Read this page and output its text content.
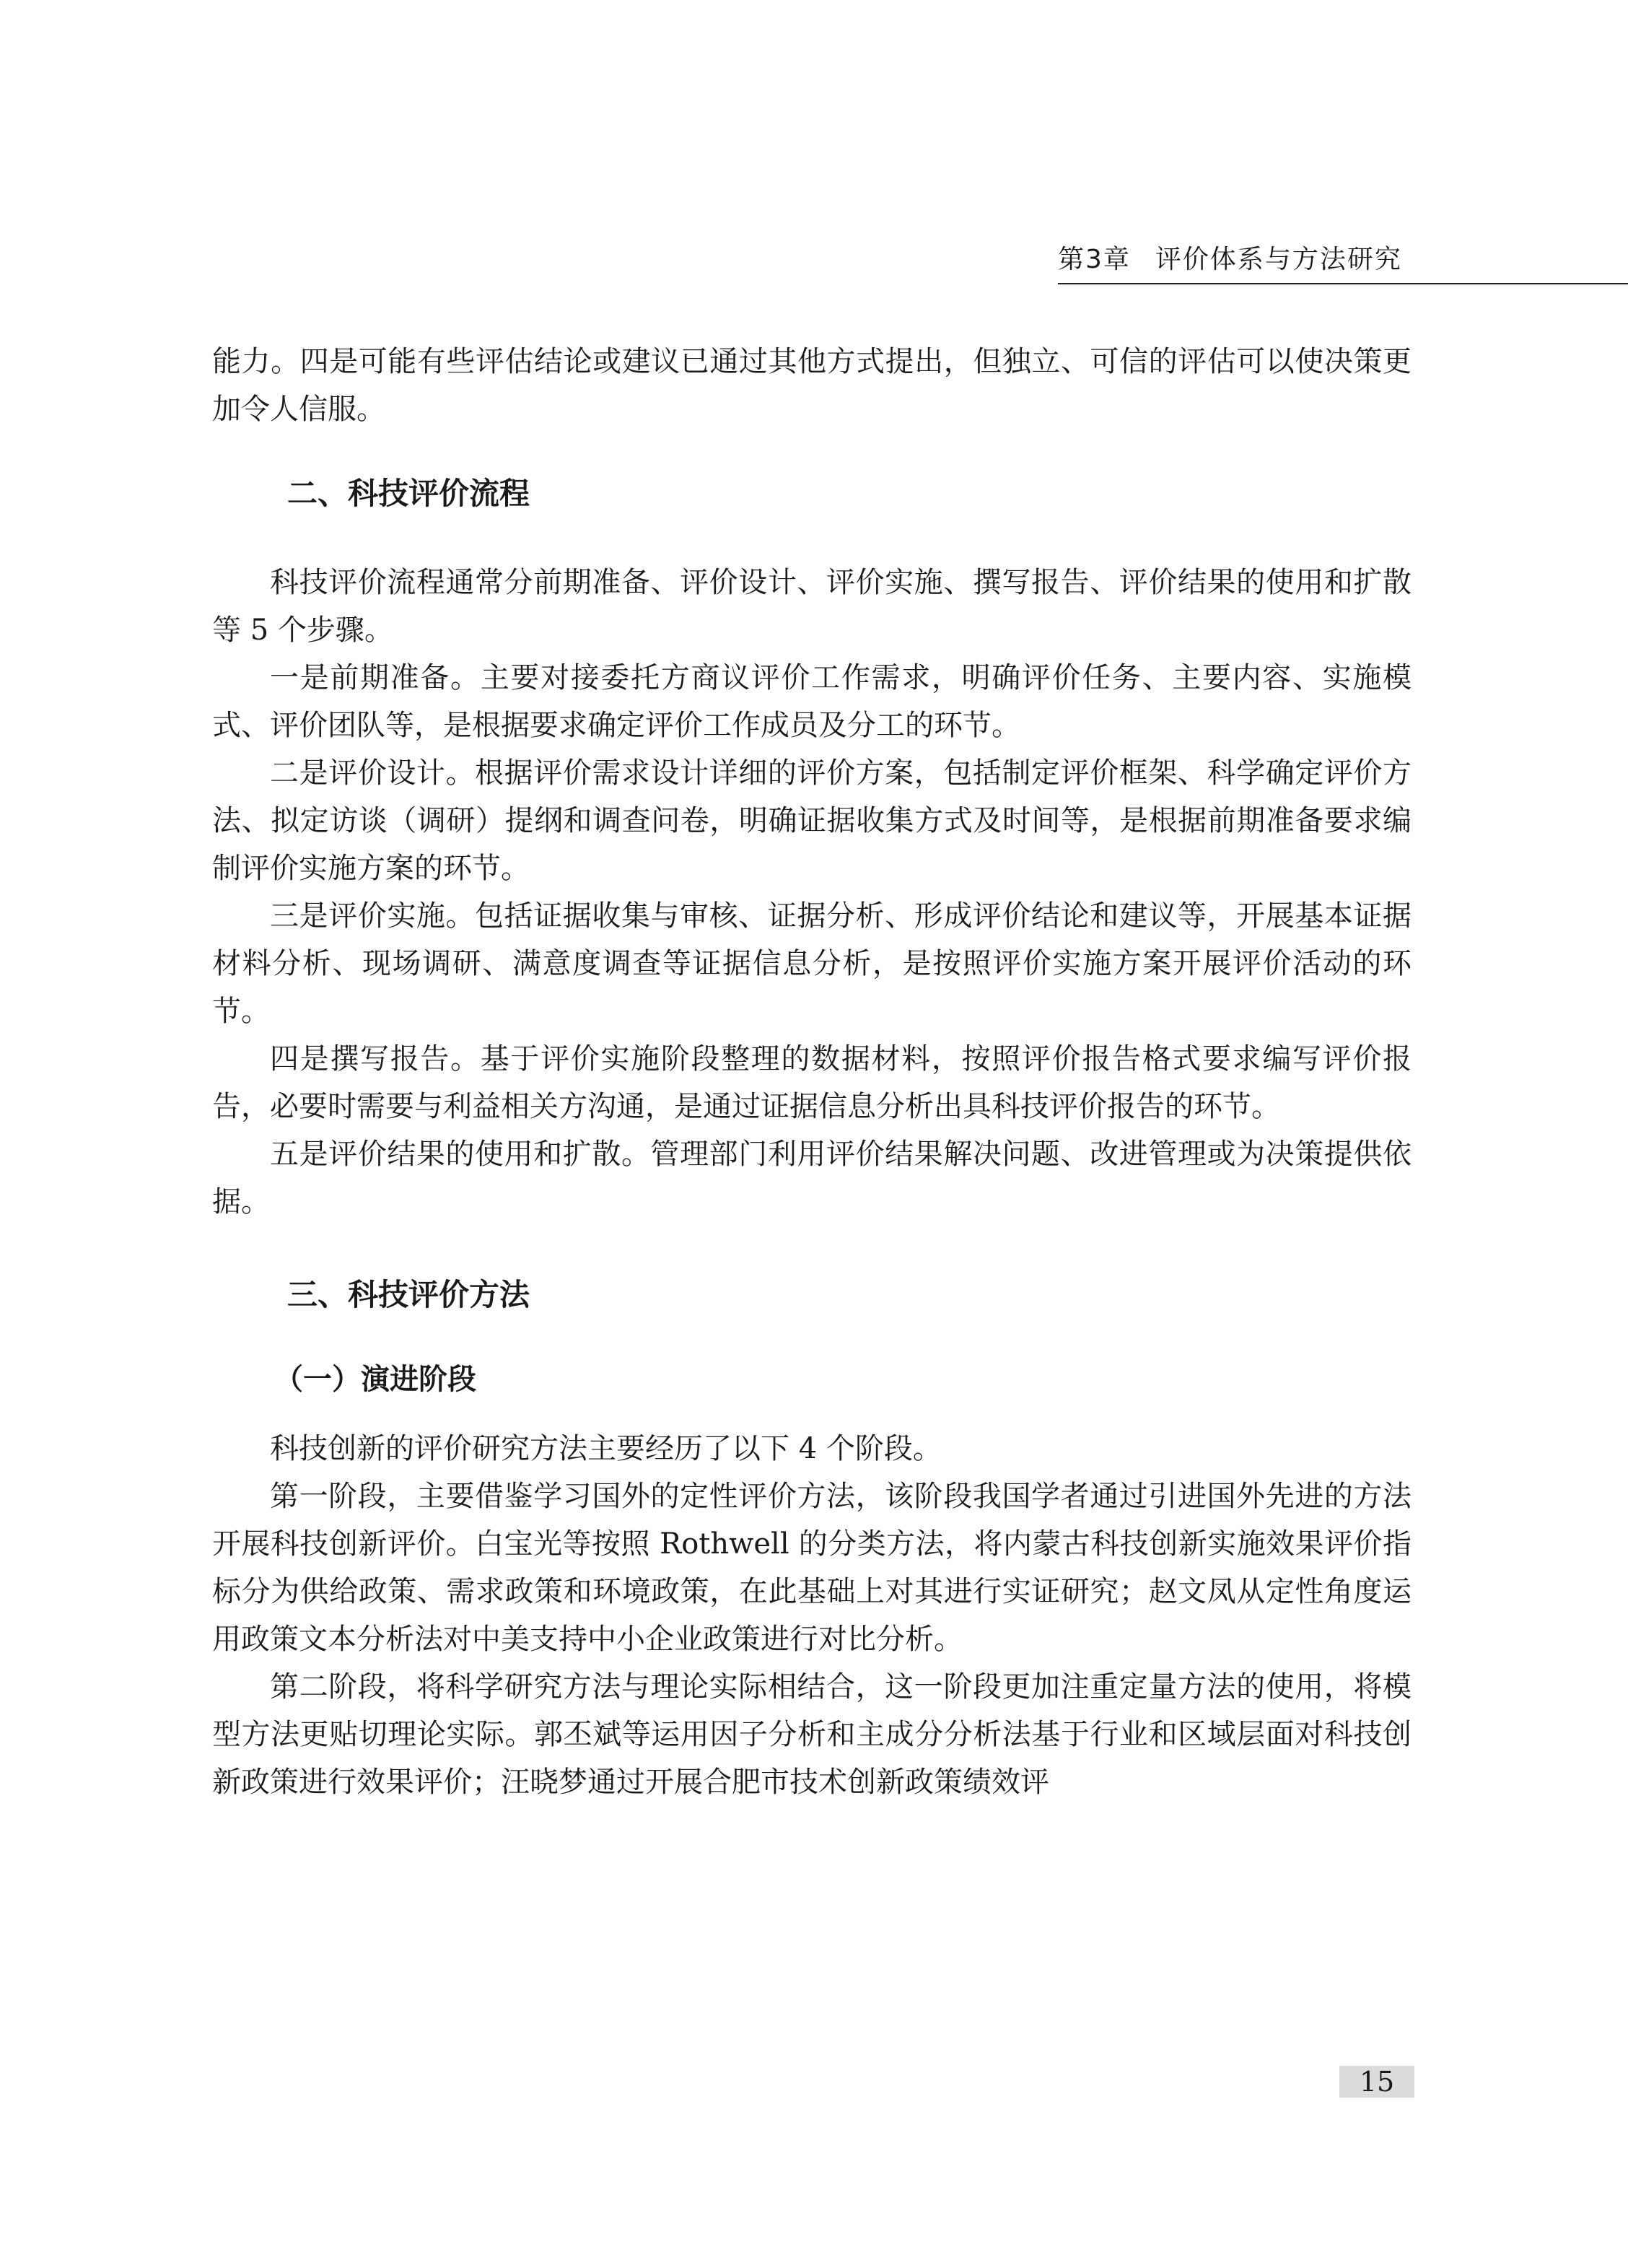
第3章 评价体系与方法研究

能力。四是可能有些评估结论或建议已通过其他方式提出，但独立、可信的评估可以使决策更加令人信服。

二、科技评价流程

科技评价流程通常分前期准备、评价设计、评价实施、撰写报告、评价结果的使用和扩散等 5 个步骤。

一是前期准备。主要对接委托方商议评价工作需求，明确评价任务、主要内容、实施模式、评价团队等，是根据要求确定评价工作成员及分工的环节。

二是评价设计。根据评价需求设计详细的评价方案，包括制定评价框架、科学确定评价方法、拟定访谈（调研）提纲和调查问卷，明确证据收集方式及时间等，是根据前期准备要求编制评价实施方案的环节。

三是评价实施。包括证据收集与审核、证据分析、形成评价结论和建议等，开展基本证据材料分析、现场调研、满意度调查等证据信息分析，是按照评价实施方案开展评价活动的环节。

四是撰写报告。基于评价实施阶段整理的数据材料，按照评价报告格式要求编写评价报告，必要时需要与利益相关方沟通，是通过证据信息分析出具科技评价报告的环节。

五是评价结果的使用和扩散。管理部门利用评价结果解决问题、改进管理或为决策提供依据。

三、科技评价方法
（一）演进阶段

科技创新的评价研究方法主要经历了以下 4 个阶段。

第一阶段，主要借鉴学习国外的定性评价方法，该阶段我国学者通过引进国外先进的方法开展科技创新评价。白宝光等按照 Rothwell 的分类方法，将内蒙古科技创新实施效果评价指标分为供给政策、需求政策和环境政策，在此基础上对其进行实证研究；赵文凤从定性角度运用政策文本分析法对中美支持中小企业政策进行对比分析。

第二阶段，将科学研究方法与理论实际相结合，这一阶段更加注重定量方法的使用，将模型方法更贴切理论实际。郭丕斌等运用因子分析和主成分分析法基于行业和区域层面对科技创新政策进行效果评价；汪晓梦通过开展合肥市技术创新政策绩效评

15
